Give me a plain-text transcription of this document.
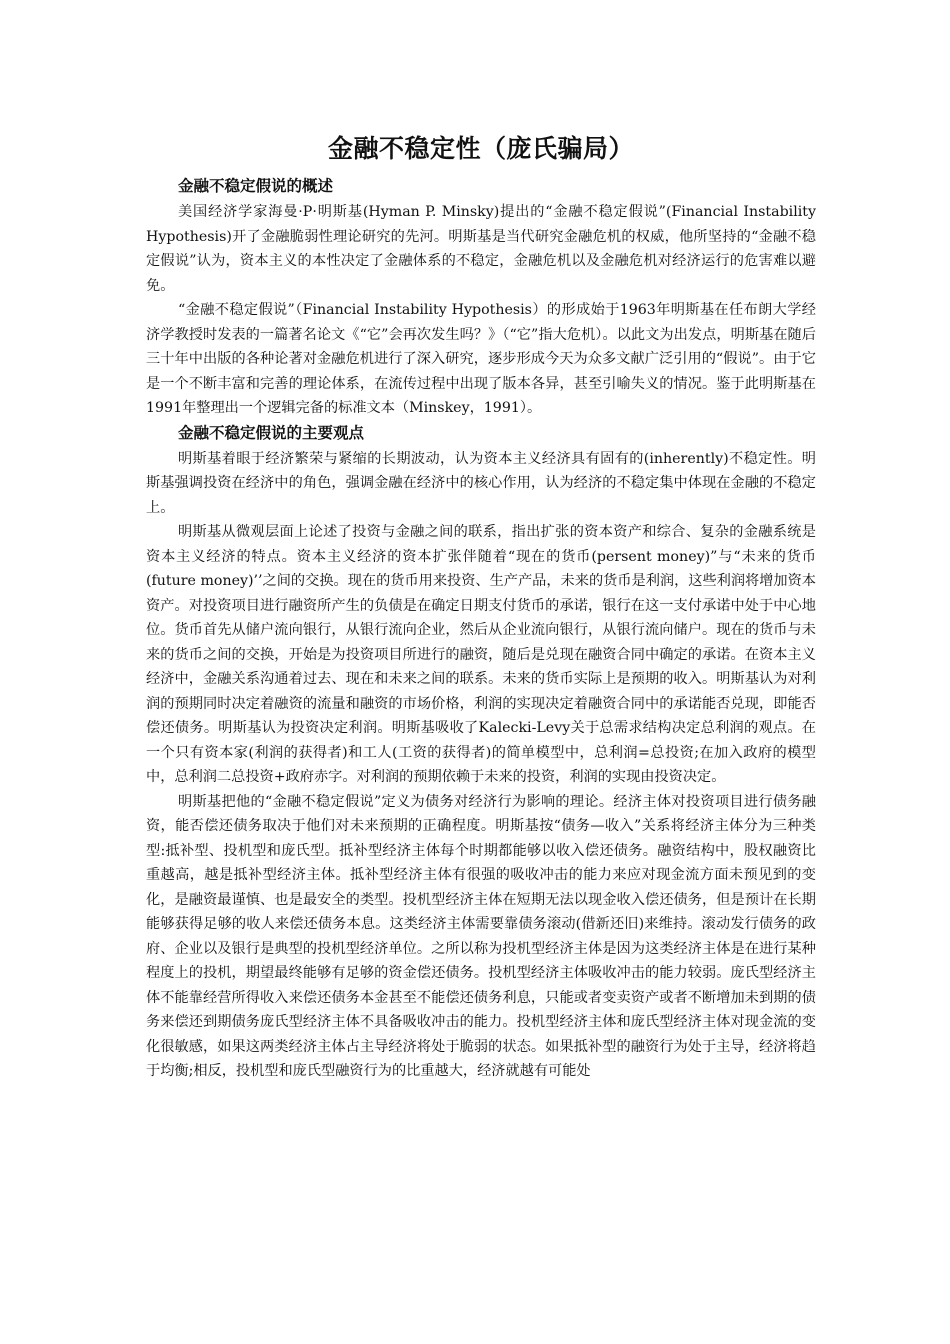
金融不稳定性（庞氏骗局）
金融不稳定假说的概述

美国经济学家海曼·P·明斯基(Hyman P. Minsky)提出的“金融不稳定假说”(Financial Instability Hypothesis)开了金融脆弱性理论研究的先河。明斯基是当代研究金融危机的权威，他所坚持的“金融不稳定假说”认为，资本主义的本性决定了金融体系的不稳定，金融危机以及金融危机对经济运行的危害难以避免。

“金融不稳定假说”（Financial Instability Hypothesis）的形成始于1963年明斯基在任布朗大学经济学教授时发表的一篇著名论文《“它”会再次发生吗？》（“它”指大危机）。以此文为出发点，明斯基在随后三十年中出版的各种论著对金融危机进行了深入研究，逐步形成今天为众多文献广泛引用的“假说”。由于它是一个不断丰富和完善的理论体系，在流传过程中出现了版本各异，甚至引喻失义的情况。鉴于此明斯基在1991年整理出一个逻辑完备的标准文本（Minskey，1991）。

金融不稳定假说的主要观点

明斯基着眼于经济繁荣与紧缩的长期波动，认为资本主义经济具有固有的(inherently)不稳定性。明斯基强调投资在经济中的角色，强调金融在经济中的核心作用，认为经济的不稳定集中体现在金融的不稳定上。

明斯基从微观层面上论述了投资与金融之间的联系，指出扩张的资本资产和综合、复杂的金融系统是资本主义经济的特点。资本主义经济的资本扩张伴随着“现在的货币(persent money)”与“未来的货币(future money)’’之间的交换。现在的货币用来投资、生产产品，未来的货币是利润，这些利润将增加资本资产。对投资项目进行融资所产生的负债是在确定日期支付货币的承诺，银行在这一支付承诺中处于中心地位。货币首先从储户流向银行，从银行流向企业，然后从企业流向银行，从银行流向储户。现在的货币与未来的货币之间的交换，开始是为投资项目所进行的融资，随后是兑现在融资合同中确定的承诺。在资本主义经济中，金融关系沟通着过去、现在和未来之间的联系。未来的货币实际上是预期的收入。明斯基认为对利润的预期同时决定着融资的流量和融资的市场价格，利润的实现决定着融资合同中的承诺能否兑现，即能否偿还债务。明斯基认为投资决定利润。明斯基吸收了Kalecki-Levy关于总需求结构决定总利润的观点。在一个只有资本家(利润的获得者)和工人(工资的获得者)的简单模型中，总利润=总投资;在加入政府的模型中，总利润二总投资+政府赤字。对利润的预期依赖于未来的投资，利润的实现由投资决定。

明斯基把他的“金融不稳定假说”定义为债务对经济行为影响的理论。经济主体对投资项目进行债务融资，能否偿还债务取决于他们对未来预期的正确程度。明斯基按“债务—收入”关系将经济主体分为三种类型:抵补型、投机型和庞氏型。抵补型经济主体每个时期都能够以收入偿还债务。融资结构中，股权融资比重越高，越是抵补型经济主体。抵补型经济主体有很强的吸收冲击的能力来应对现金流方面未预见到的变化，是融资最谨慎、也是最安全的类型。投机型经济主体在短期无法以现金收入偿还债务，但是预计在长期能够获得足够的收人来偿还债务本息。这类经济主体需要靠债务滚动(借新还旧)来维持。滚动发行债务的政府、企业以及银行是典型的投机型经济单位。之所以称为投机型经济主体是因为这类经济主体是在进行某种程度上的投机，期望最终能够有足够的资金偿还债务。投机型经济主体吸收冲击的能力较弱。庞氏型经济主体不能靠经营所得收入来偿还债务本金甚至不能偿还债务利息，只能或者变卖资产或者不断增加未到期的债务来偿还到期债务庞氏型经济主体不具备吸收冲击的能力。投机型经济主体和庞氏型经济主体对现金流的变化很敏感，如果这两类经济主体占主导经济将处于脆弱的状态。如果抵补型的融资行为处于主导，经济将趋于均衡;相反，投机型和庞氏型融资行为的比重越大，经济就越有可能处
